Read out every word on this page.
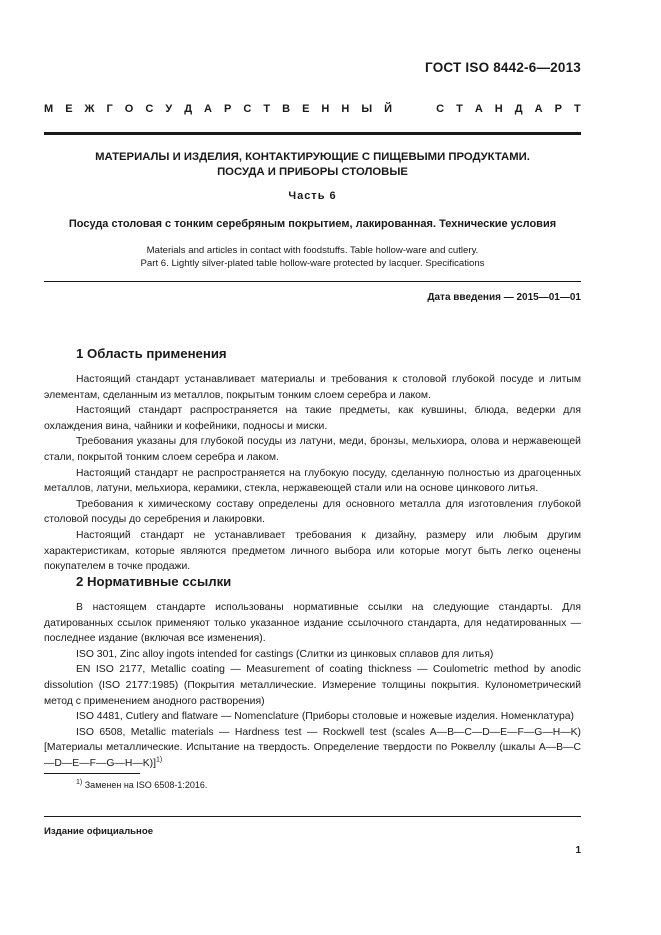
ГОСТ ISO 8442-6—2013
М Е Ж Г О С У Д А Р С Т В Е Н Н Ы Й	С Т А Н Д А Р Т
МАТЕРИАЛЫ И ИЗДЕЛИЯ, КОНТАКТИРУЮЩИЕ С ПИЩЕВЫМИ ПРОДУКТАМИ.
ПОСУДА И ПРИБОРЫ СТОЛОВЫЕ
Часть 6
Посуда столовая с тонким серебряным покрытием, лакированная. Технические условия
Materials and articles in contact with foodstuffs. Table hollow-ware and cutlery.
Part 6. Lightly silver-plated table hollow-ware protected by lacquer. Specifications
Дата введения — 2015—01—01
1 Область применения

Настоящий стандарт устанавливает материалы и требования к столовой глубокой посуде и литым элементам, сделанным из металлов, покрытым тонким слоем серебра и лаком.

Настоящий стандарт распространяется на такие предметы, как кувшины, блюда, ведерки для охлаждения вина, чайники и кофейники, подносы и миски.

Требования указаны для глубокой посуды из латуни, меди, бронзы, мельхиора, олова и нержавеющей стали, покрытой тонким слоем серебра и лаком.

Настоящий стандарт не распространяется на глубокую посуду, сделанную полностью из драгоценных металлов, латуни, мельхиора, керамики, стекла, нержавеющей стали или на основе цинкового литья.

Требования к химическому составу определены для основного металла для изготовления глубокой столовой посуды до серебрения и лакировки.

Настоящий стандарт не устанавливает требования к дизайну, размеру или любым другим характеристикам, которые являются предметом личного выбора или которые могут быть легко оценены покупателем в точке продажи.

2 Нормативные ссылки

В настоящем стандарте использованы нормативные ссылки на следующие стандарты. Для датированных ссылок применяют только указанное издание ссылочного стандарта, для недатированных — последнее издание (включая все изменения).

ISO 301, Zinc alloy ingots intended for castings (Слитки из цинковых сплавов для литья)

EN ISO 2177, Metallic coating — Measurement of coating thickness — Coulometric method by anodic dissolution (ISO 2177:1985) (Покрытия металлические. Измерение толщины покрытия. Кулонометрический метод с применением анодного растворения)

ISO 4481, Cutlery and flatware — Nomenclature (Приборы столовые и ножевые изделия. Номенклатура)

ISO 6508, Metallic materials — Hardness test — Rockwell test (scales A—B—C—D—E—F—G—H—K) [Материалы металлические. Испытание на твердость. Определение твердости по Роквеллу (шкалы A—B—C—D—E—F—G—H—K)]$^{1)}$

$^{1)}$ Заменен на ISO 6508-1:2016.
Издание официальное
1
